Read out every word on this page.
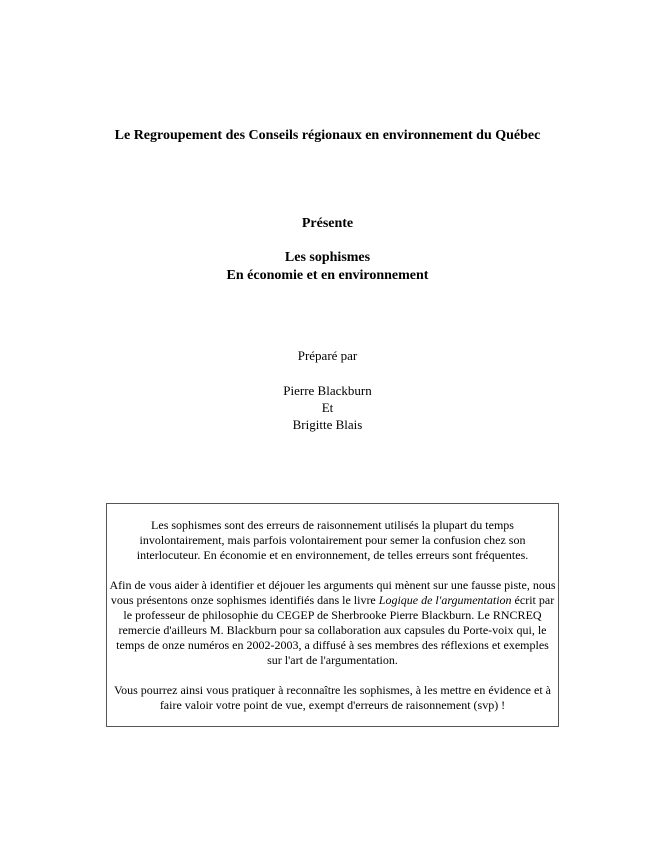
Le Regroupement des Conseils régionaux en environnement du Québec
Présente
Les sophismes
En économie et en environnement
Préparé par
Pierre Blackburn
Et
Brigitte Blais

Les sophismes sont des erreurs de raisonnement utilisés la plupart du temps involontairement, mais parfois volontairement pour semer la confusion chez son interlocuteur. En économie et en environnement, de telles erreurs sont fréquentes.

Afin de vous aider à identifier et déjouer les arguments qui mènent sur une fausse piste, nous vous présentons onze sophismes identifiés dans le livre Logique de l'argumentation écrit par le professeur de philosophie du CEGEP de Sherbrooke Pierre Blackburn. Le RNCREQ remercie d'ailleurs M. Blackburn pour sa collaboration aux capsules du Porte-voix qui, le temps de onze numéros en 2002-2003, a diffusé à ses membres des réflexions et exemples sur l'art de l'argumentation.

Vous pourrez ainsi vous pratiquer à reconnaître les sophismes, à les mettre en évidence et à faire valoir votre point de vue, exempt d'erreurs de raisonnement (svp) !
